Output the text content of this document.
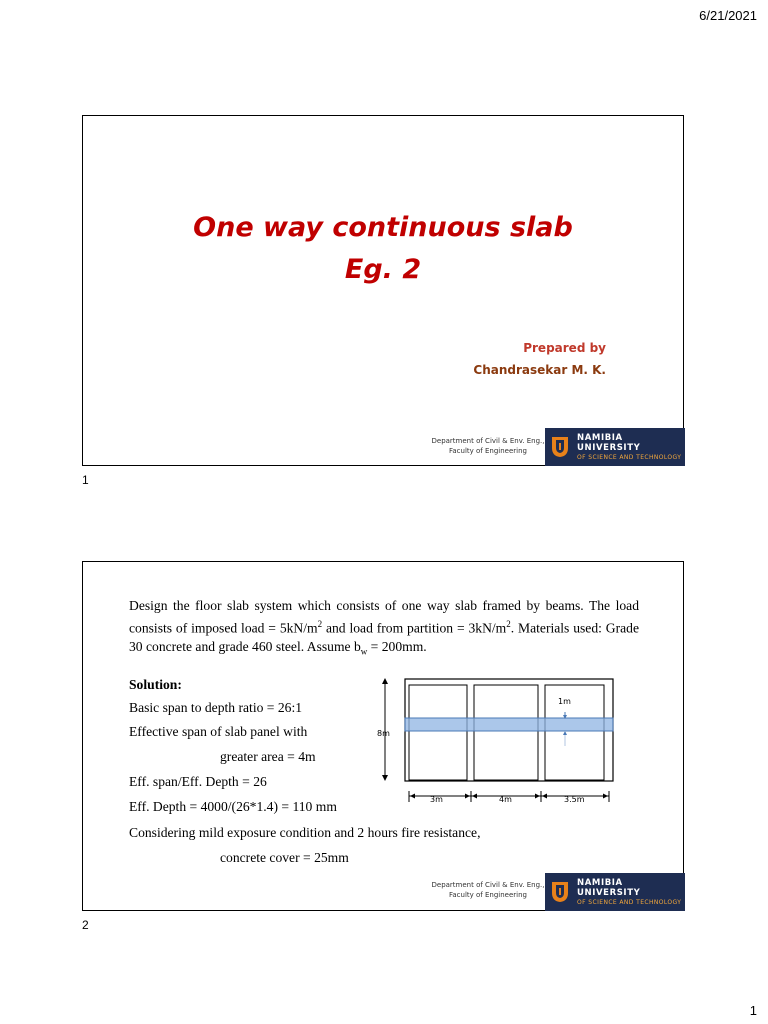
6/21/2021
One way continuous slab
Eg. 2
Prepared by
Chandrasekar M. K.
Department of Civil & Env. Eng.,
Faculty of Engineering
NAMIBIA UNIVERSITY
OF SCIENCE AND TECHNOLOGY
1
Design the floor slab system which consists of one way slab framed by beams. The load consists of imposed load = $5kN/m^2$ and load from partition = $3kN/m^2$. Materials used: Grade 30 concrete and grade 460 steel. Assume $b_w = 200mm$.
Solution:
Basic span to depth ratio = 26:1
Effective span of slab panel with
greater area = 4m
Eff. span/Eff. Depth = 26
Eff. Depth = 4000/(26*1.4) = 110 mm
Considering mild exposure condition and 2 hours fire resistance,
concrete cover = 25mm
1m
8m
3m	4m	3.5m
Department of Civil & Env. Eng.,
Faculty of Engineering
NAMIBIA UNIVERSITY
OF SCIENCE AND TECHNOLOGY
2
1
